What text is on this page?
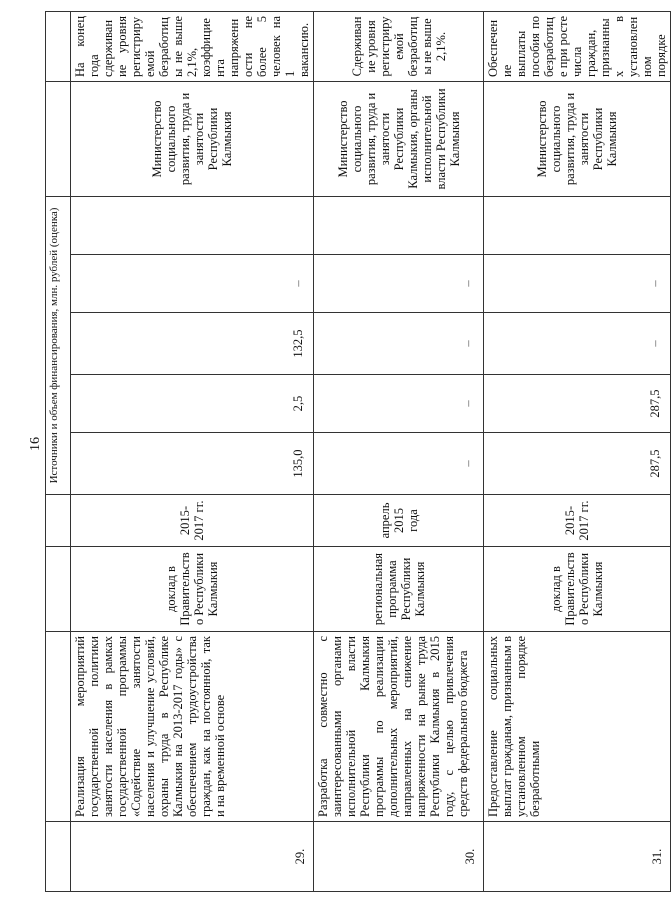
16
				Источники и объем финансирования, млн. рублей (оценка)						
29.	Реализация мероприятий государственной политики занятости населения в рамках государственной программы «Содействие занятости населения и улучшение условий, охраны труда в Республике Калмыкия на 2013-2017 годы» с обеспечением трудоустройства граждан, как на постоянной, так и на временной основе	доклад в Правительство Республики Калмыкия	2015-2017 гг.	135,0	2,5	132,5	–		Министерство социального развития, труда и занятости Республики Калмыкия	На конец года сдерживание уровня регистрируемой безработицы не выше 2,1%, коэффициента напряженности не более 5 человек на 1 вакансию.
30.	Разработка совместно с заинтересованными органами исполнительной власти Республики Калмыкия программы по реализации дополнительных мероприятий, направленных на снижение напряженности на рынке труда Республики Калмыкия в 2015 году, с целью привлечения средств федерального бюджета	региональная программа Республики Калмыкия	апрель 2015 года	–	–	–	–		Министерство социального развития, труда и занятости Республики Калмыкия, органы исполнительной власти Республики Калмыкия	Сдерживание уровня регистрируемой безработицы не выше 2,1%.
31.	Предоставление социальных выплат гражданам, признанным в установленном порядке безработными	доклад в Правительство Республики Калмыкия	2015-2017 гг.	287,5	287,5	–	–		Министерство социального развития, труда и занятости Республики Калмыкия	Обеспечение выплаты пособия по безработице при росте числа граждан, признанных в установленном порядке
